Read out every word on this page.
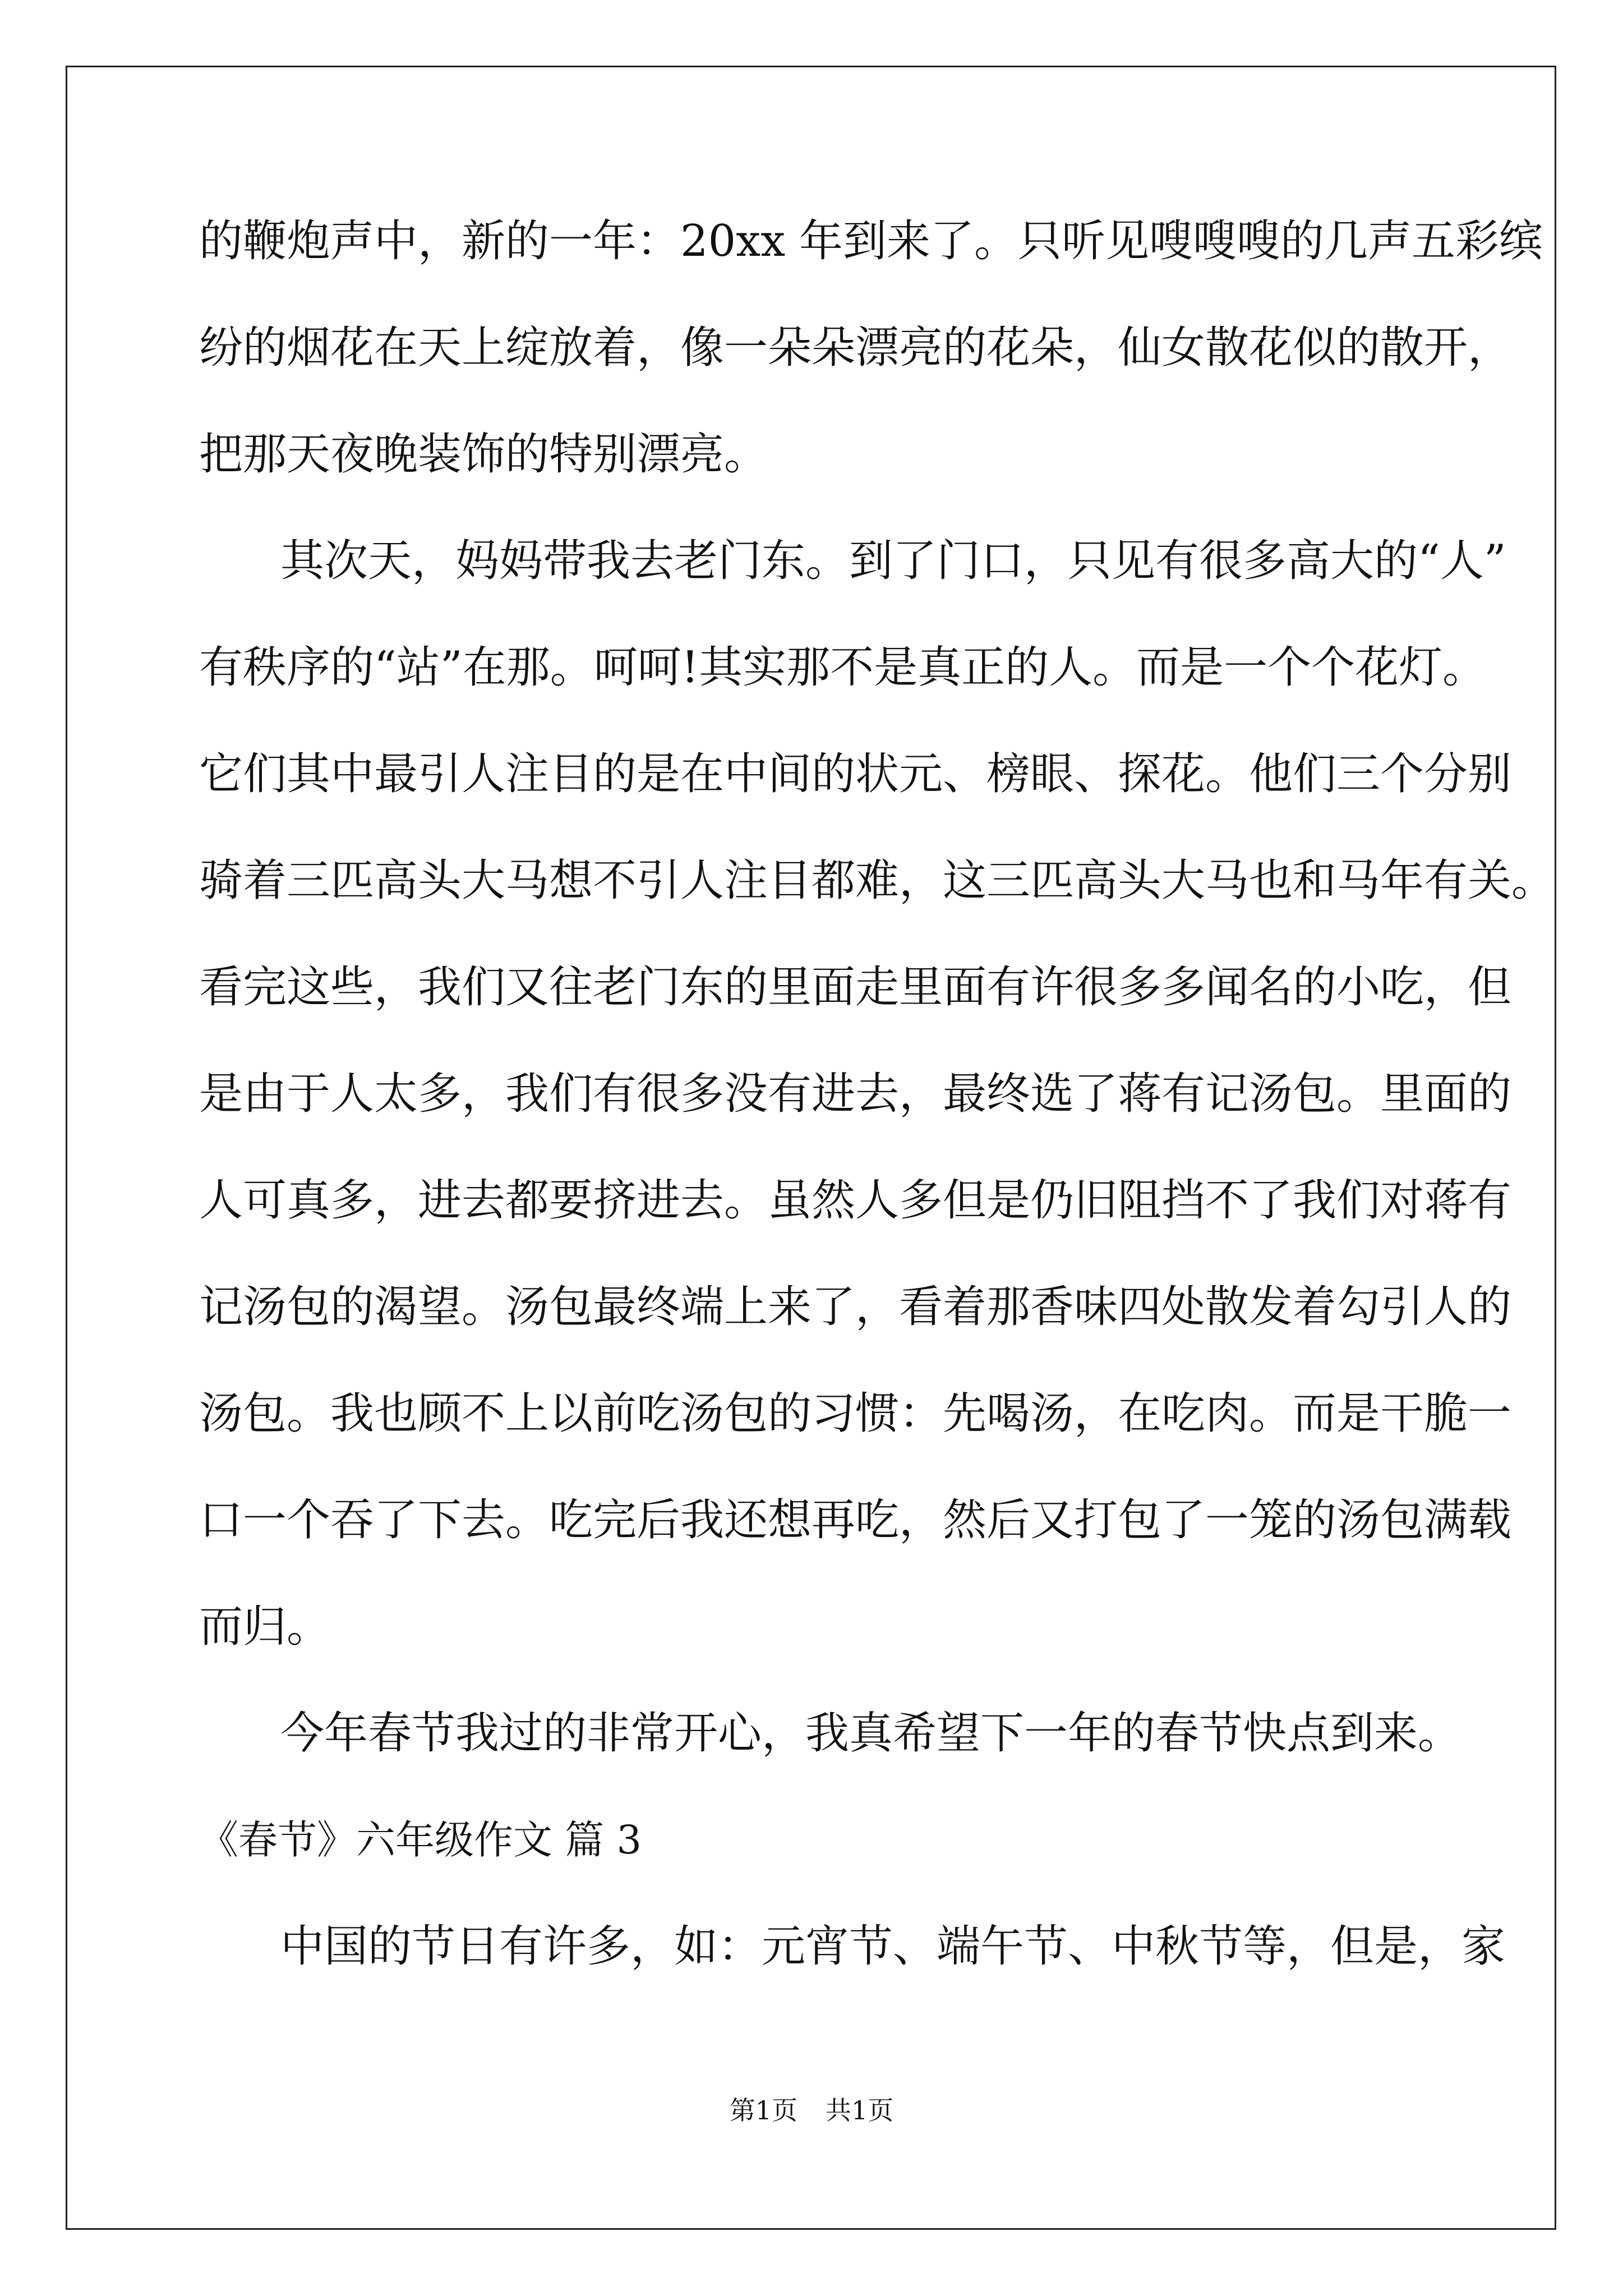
的鞭炮声中，新的一年：20xx 年到来了。只听见嗖嗖嗖的几声五彩缤
纷的烟花在天上绽放着，像一朵朵漂亮的花朵，仙女散花似的散开，
把那天夜晚装饰的特别漂亮。
其次天，妈妈带我去老门东。到了门口，只见有很多高大的“人”
有秩序的“站”在那。呵呵!其实那不是真正的人。而是一个个花灯。
它们其中最引人注目的是在中间的状元、榜眼、探花。他们三个分别
骑着三匹高头大马想不引人注目都难，这三匹高头大马也和马年有关。
看完这些，我们又往老门东的里面走里面有许很多多闻名的小吃，但
是由于人太多，我们有很多没有进去，最终选了蒋有记汤包。里面的
人可真多，进去都要挤进去。虽然人多但是仍旧阻挡不了我们对蒋有
记汤包的渴望。汤包最终端上来了，看着那香味四处散发着勾引人的
汤包。我也顾不上以前吃汤包的习惯：先喝汤，在吃肉。而是干脆一
口一个吞了下去。吃完后我还想再吃，然后又打包了一笼的汤包满载
而归。
今年春节我过的非常开心，我真希望下一年的春节快点到来。
《春节》六年级作文 篇 3
中国的节日有许多，如：元宵节、端午节、中秋节等，但是，家
第1页 共1页
